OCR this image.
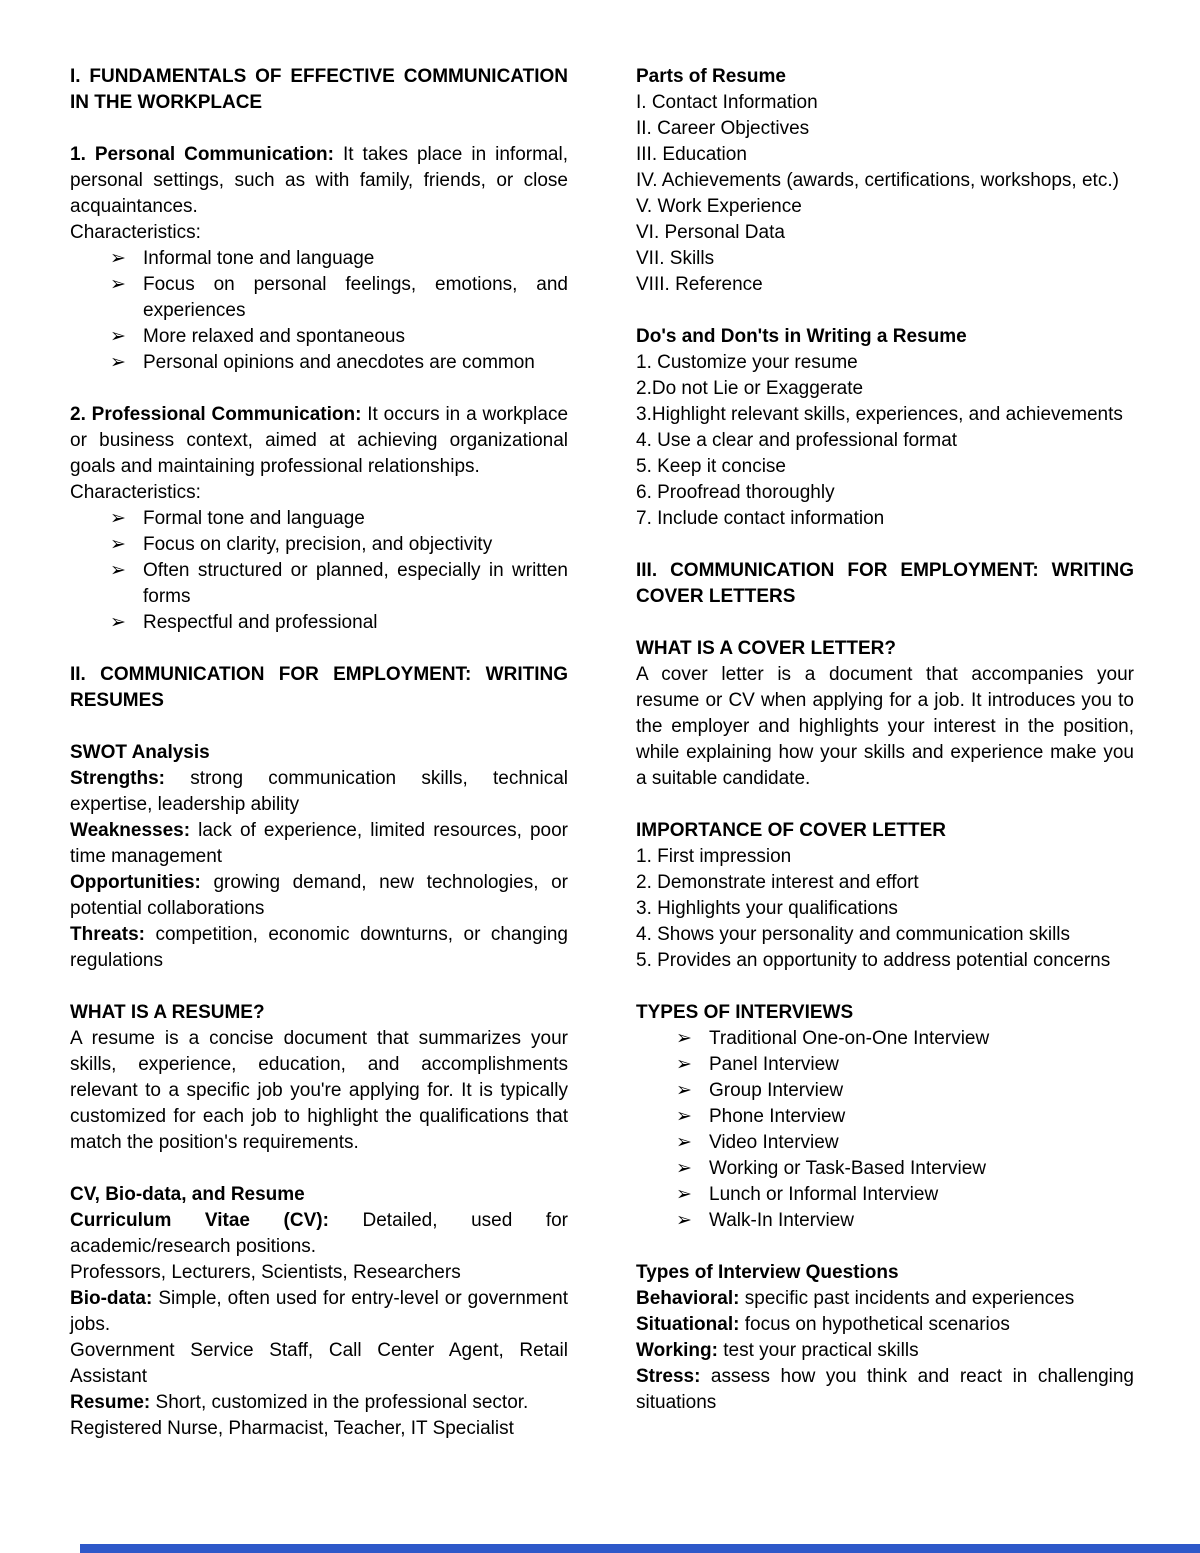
I. FUNDAMENTALS OF EFFECTIVE COMMUNICATION IN THE WORKPLACE

1. Personal Communication: It takes place in informal, personal settings, such as with family, friends, or close acquaintances.

Characteristics:

➢ Informal tone and language
➢ Focus on personal feelings, emotions, and experiences
➢ More relaxed and spontaneous
➢ Personal opinions and anecdotes are common

2. Professional Communication: It occurs in a workplace or business context, aimed at achieving organizational goals and maintaining professional relationships.

Characteristics:

➢ Formal tone and language
➢ Focus on clarity, precision, and objectivity
➢ Often structured or planned, especially in written forms
➢ Respectful and professional
II. COMMUNICATION FOR EMPLOYMENT: WRITING RESUMES
SWOT Analysis

Strengths: strong communication skills, technical expertise, leadership ability

Weaknesses: lack of experience, limited resources, poor time management

Opportunities: growing demand, new technologies, or potential collaborations

Threats: competition, economic downturns, or changing regulations

WHAT IS A RESUME?

A resume is a concise document that summarizes your skills, experience, education, and accomplishments relevant to a specific job you're applying for. It is typically customized for each job to highlight the qualifications that match the position's requirements.

CV, Bio-data, and Resume

Curriculum Vitae (CV): Detailed, used for academic/research positions.

Professors, Lecturers, Scientists, Researchers

Bio-data: Simple, often used for entry-level or government jobs.

Government Service Staff, Call Center Agent, Retail Assistant

Resume: Short, customized in the professional sector.

Registered Nurse, Pharmacist, Teacher, IT Specialist

Parts of Resume

I. Contact Information

II. Career Objectives

III. Education

IV. Achievements (awards, certifications, workshops, etc.)

V. Work Experience

VI. Personal Data

VII. Skills

VIII. Reference

Do's and Don'ts in Writing a Resume

1. Customize your resume

2.Do not Lie or Exaggerate

3.Highlight relevant skills, experiences, and achievements

4. Use a clear and professional format

5. Keep it concise

6. Proofread thoroughly

7. Include contact information

III. COMMUNICATION FOR EMPLOYMENT: WRITING COVER LETTERS
WHAT IS A COVER LETTER?

A cover letter is a document that accompanies your resume or CV when applying for a job. It introduces you to the employer and highlights your interest in the position, while explaining how your skills and experience make you a suitable candidate.

IMPORTANCE OF COVER LETTER

1. First impression

2. Demonstrate interest and effort

3. Highlights your qualifications

4. Shows your personality and communication skills

5. Provides an opportunity to address potential concerns

TYPES OF INTERVIEWS
➢ Traditional One-on-One Interview
➢ Panel Interview
➢ Group Interview
➢ Phone Interview
➢ Video Interview
➢ Working or Task-Based Interview
➢ Lunch or Informal Interview
➢ Walk-In Interview
Types of Interview Questions

Behavioral: specific past incidents and experiences

Situational: focus on hypothetical scenarios

Working: test your practical skills

Stress: assess how you think and react in challenging situations
